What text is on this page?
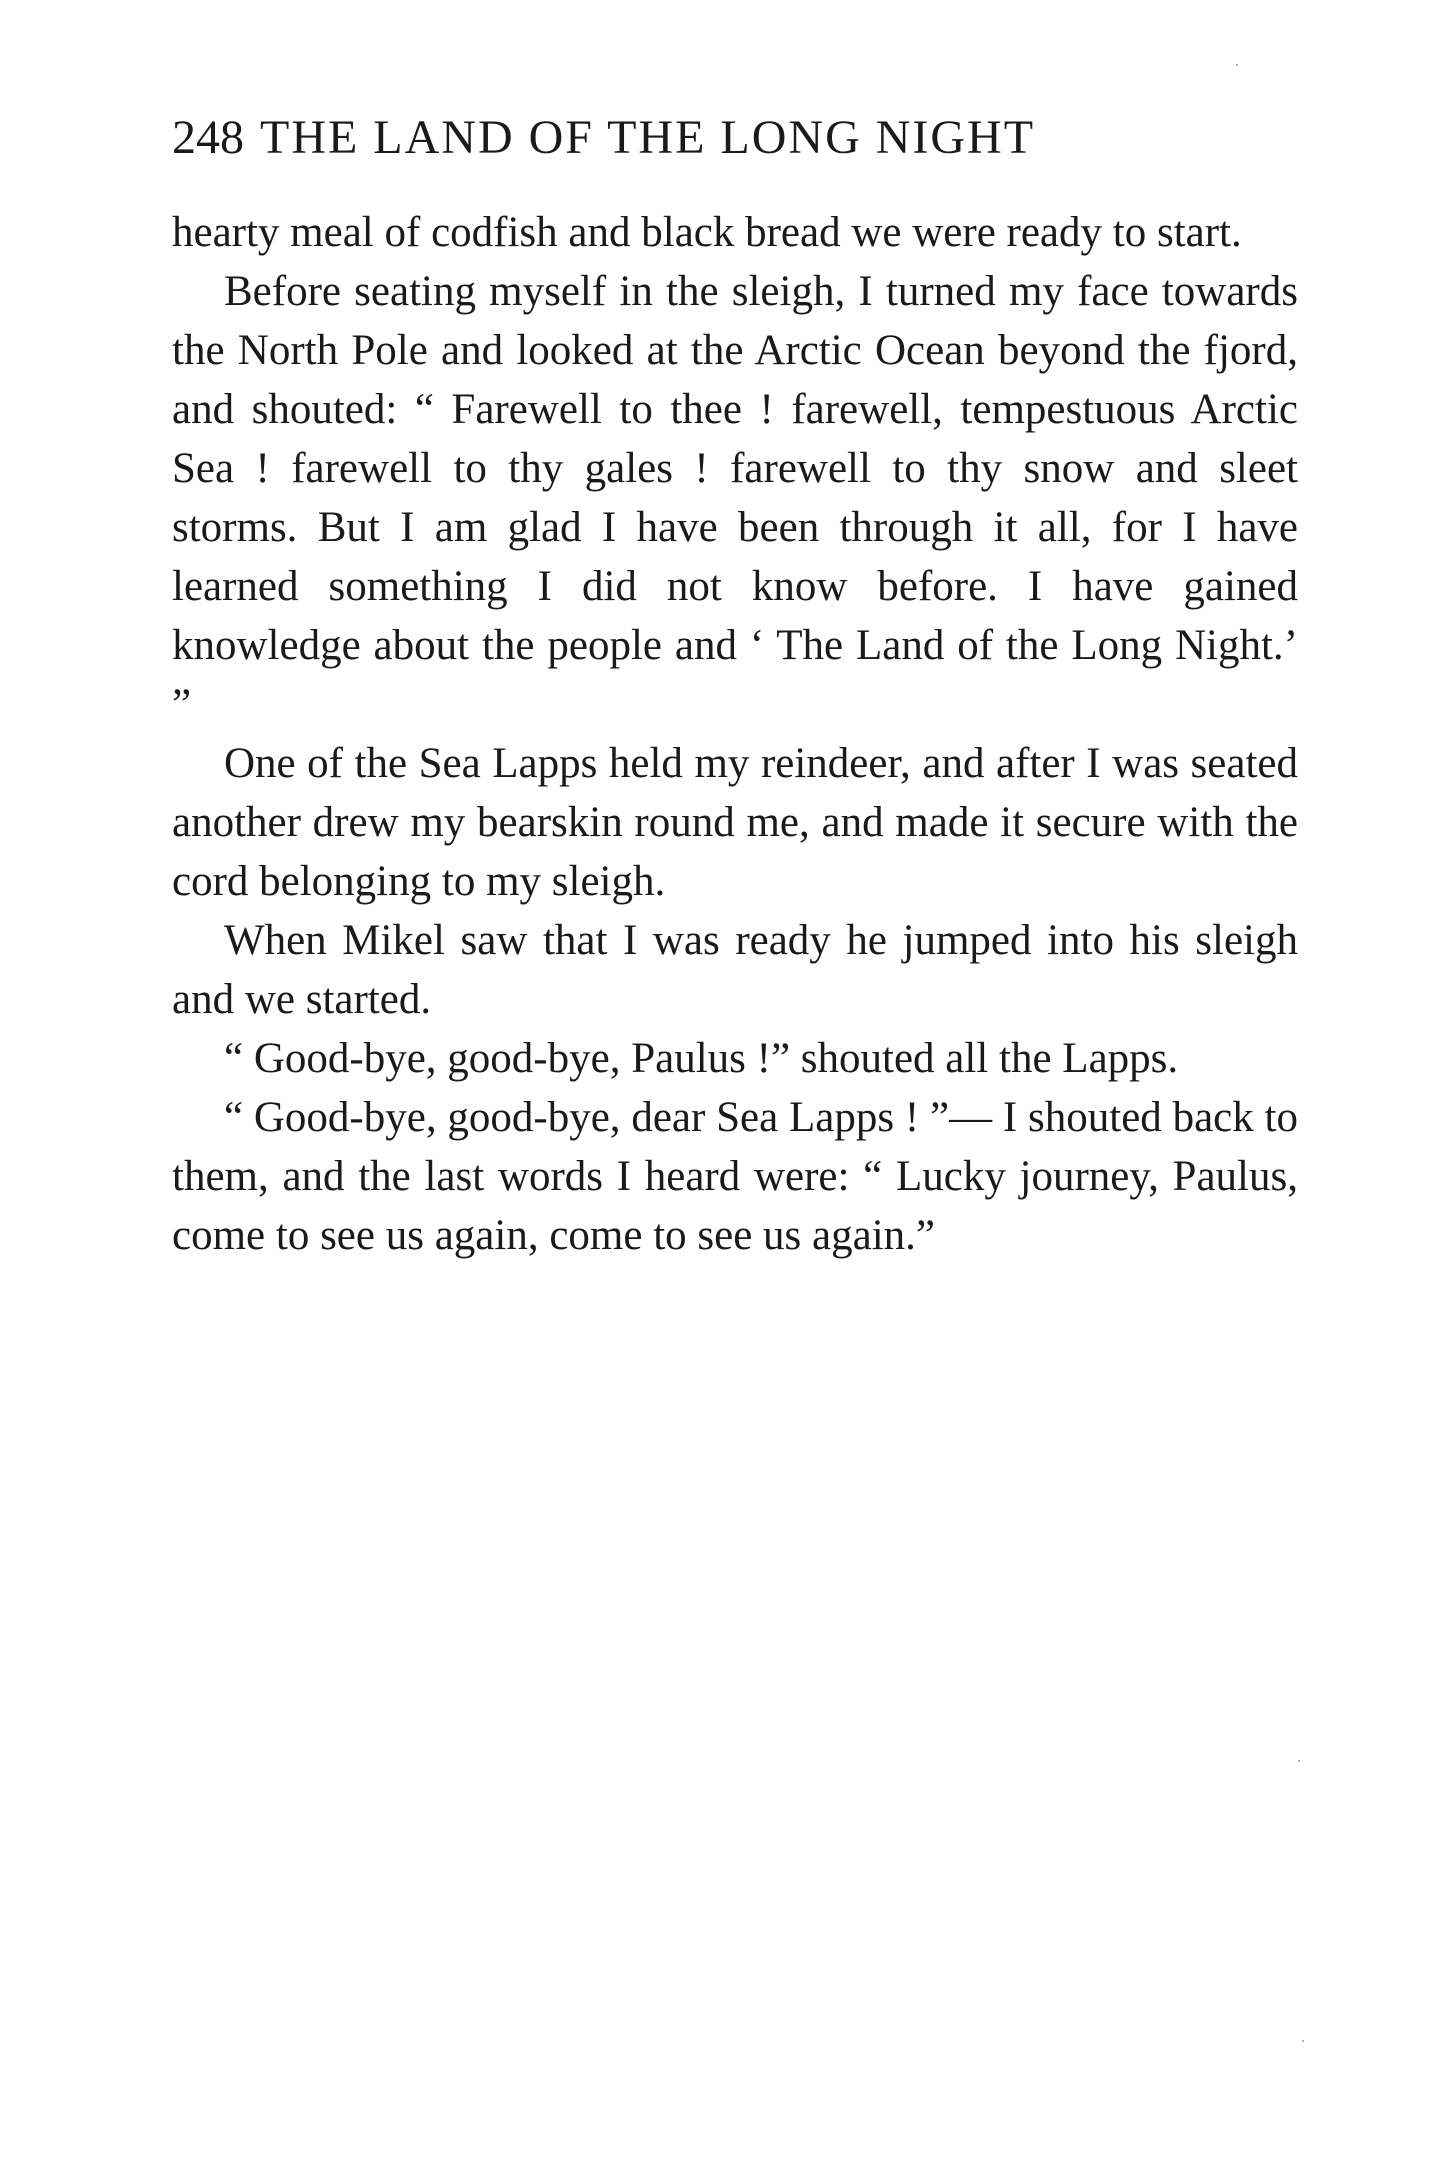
248 THE LAND OF THE LONG NIGHT

hearty meal of codfish and black bread we were ready to start.

Before seating myself in the sleigh, I turned my face towards the North Pole and looked at the Arctic Ocean beyond the fjord, and shouted: “ Farewell to thee ! farewell, tempestuous Arctic Sea ! farewell to thy gales ! farewell to thy snow and sleet storms. But I am glad I have been through it all, for I have learned something I did not know before. I have gained knowledge about the people and ‘ The Land of the Long Night.’ ”

One of the Sea Lapps held my reindeer, and after I was seated another drew my bearskin round me, and made it secure with the cord belonging to my sleigh.

When Mikel saw that I was ready he jumped into his sleigh and we started.

“ Good-bye, good-bye, Paulus !” shouted all the Lapps.

“ Good-bye, good-bye, dear Sea Lapps ! ”— I shouted back to them, and the last words I heard were: “ Lucky journey, Paulus, come to see us again, come to see us again.”
